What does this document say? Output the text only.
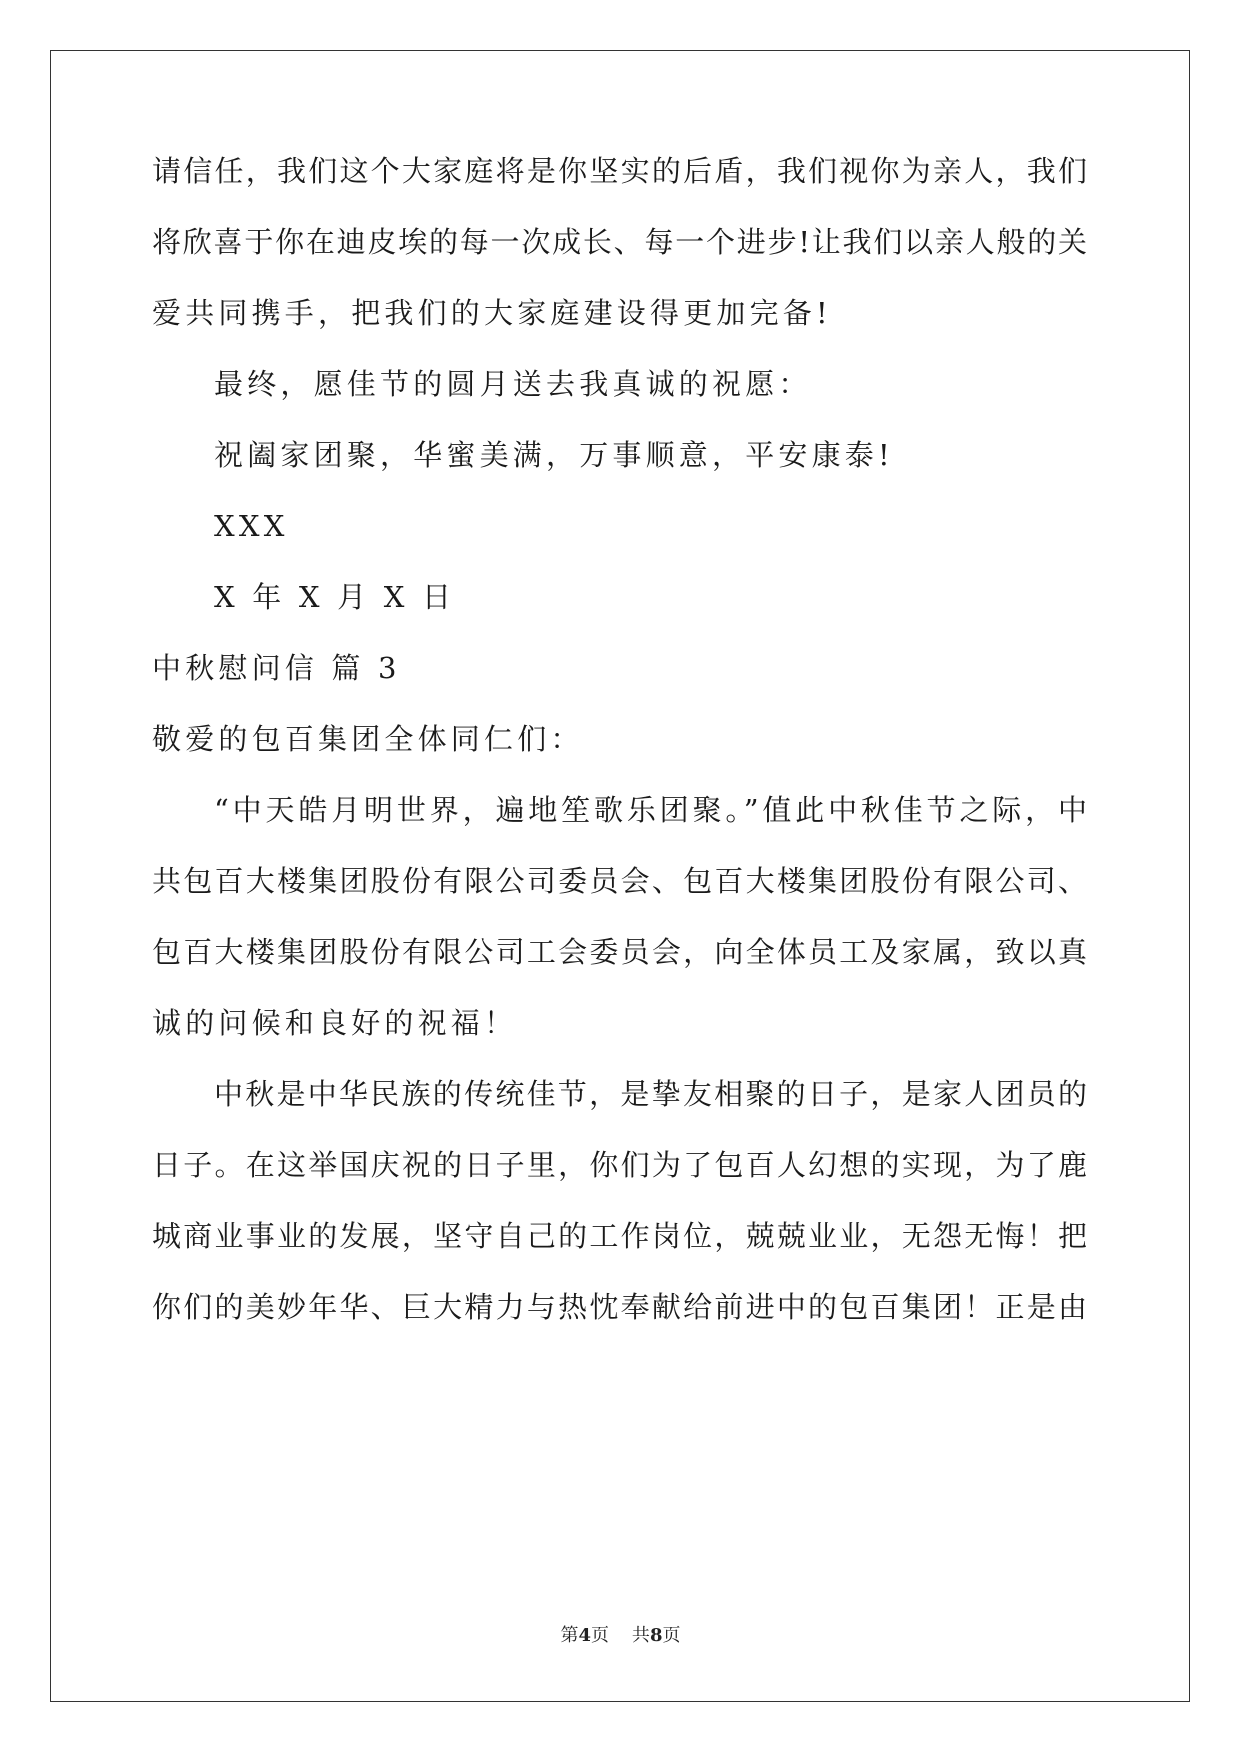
请信任，我们这个大家庭将是你坚实的后盾，我们视你为亲人，我们
将欣喜于你在迪皮埃的每一次成长、每一个进步!让我们以亲人般的关
爱共同携手，把我们的大家庭建设得更加完备!
最终，愿佳节的圆月送去我真诚的祝愿：
祝阖家团聚，华蜜美满，万事顺意，平安康泰!
XXX
X 年 X 月 X 日
中秋慰问信 篇 3
敬爱的包百集团全体同仁们：
“中天皓月明世界，遍地笙歌乐团聚。”值此中秋佳节之际，中
共包百大楼集团股份有限公司委员会、包百大楼集团股份有限公司、
包百大楼集团股份有限公司工会委员会，向全体员工及家属，致以真
诚的问候和良好的祝福！
中秋是中华民族的传统佳节，是挚友相聚的日子，是家人团员的
日子。在这举国庆祝的日子里，你们为了包百人幻想的实现，为了鹿
城商业事业的发展，坚守自己的工作岗位，兢兢业业，无怨无悔！把
你们的美妙年华、巨大精力与热忱奉献给前进中的包百集团！正是由
第4页    共8页
